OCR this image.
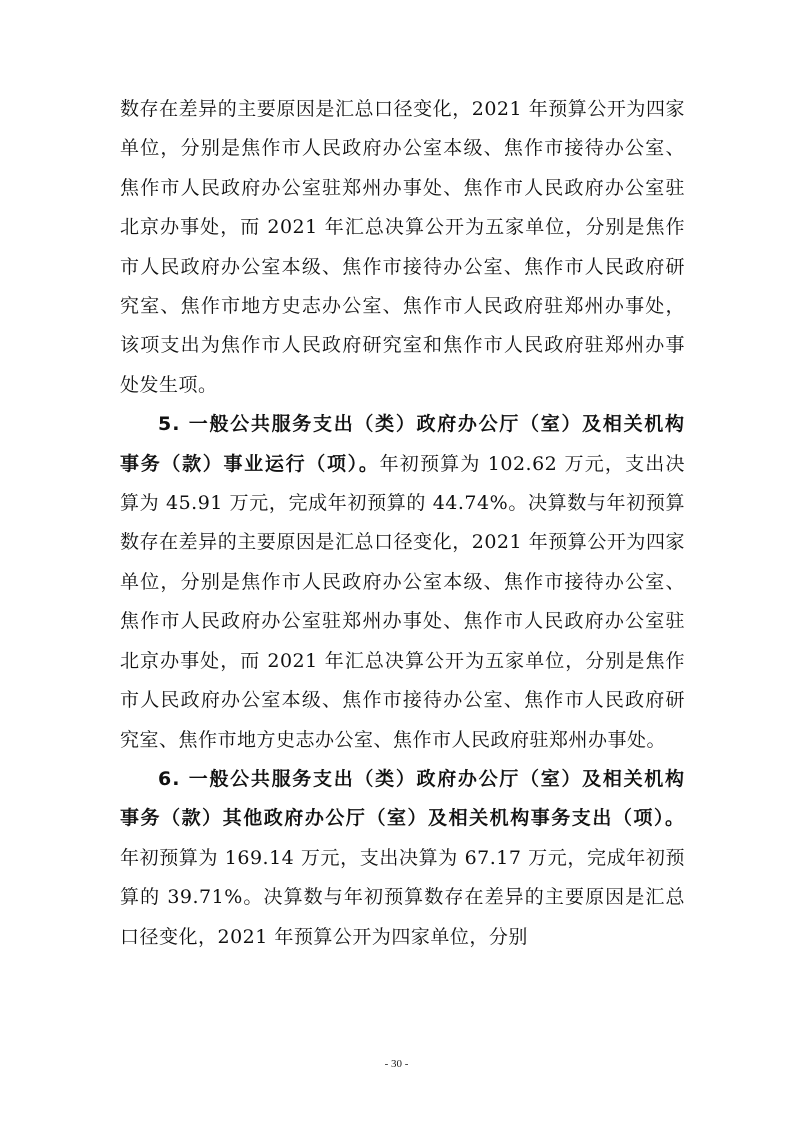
数存在差异的主要原因是汇总口径变化，2021 年预算公开为四家单位，分别是焦作市人民政府办公室本级、焦作市接待办公室、焦作市人民政府办公室驻郑州办事处、焦作市人民政府办公室驻北京办事处，而 2021 年汇总决算公开为五家单位，分别是焦作市人民政府办公室本级、焦作市接待办公室、焦作市人民政府研究室、焦作市地方史志办公室、焦作市人民政府驻郑州办事处，该项支出为焦作市人民政府研究室和焦作市人民政府驻郑州办事处发生项。

5. 一般公共服务支出（类）政府办公厅（室）及相关机构事务（款）事业运行（项）。年初预算为 102.62 万元，支出决算为 45.91 万元，完成年初预算的 44.74%。决算数与年初预算数存在差异的主要原因是汇总口径变化，2021 年预算公开为四家单位，分别是焦作市人民政府办公室本级、焦作市接待办公室、焦作市人民政府办公室驻郑州办事处、焦作市人民政府办公室驻北京办事处，而 2021 年汇总决算公开为五家单位，分别是焦作市人民政府办公室本级、焦作市接待办公室、焦作市人民政府研究室、焦作市地方史志办公室、焦作市人民政府驻郑州办事处。

6. 一般公共服务支出（类）政府办公厅（室）及相关机构事务（款）其他政府办公厅（室）及相关机构事务支出（项）。年初预算为 169.14 万元，支出决算为 67.17 万元，完成年初预算的 39.71%。决算数与年初预算数存在差异的主要原因是汇总口径变化，2021 年预算公开为四家单位，分别

- 30 -
